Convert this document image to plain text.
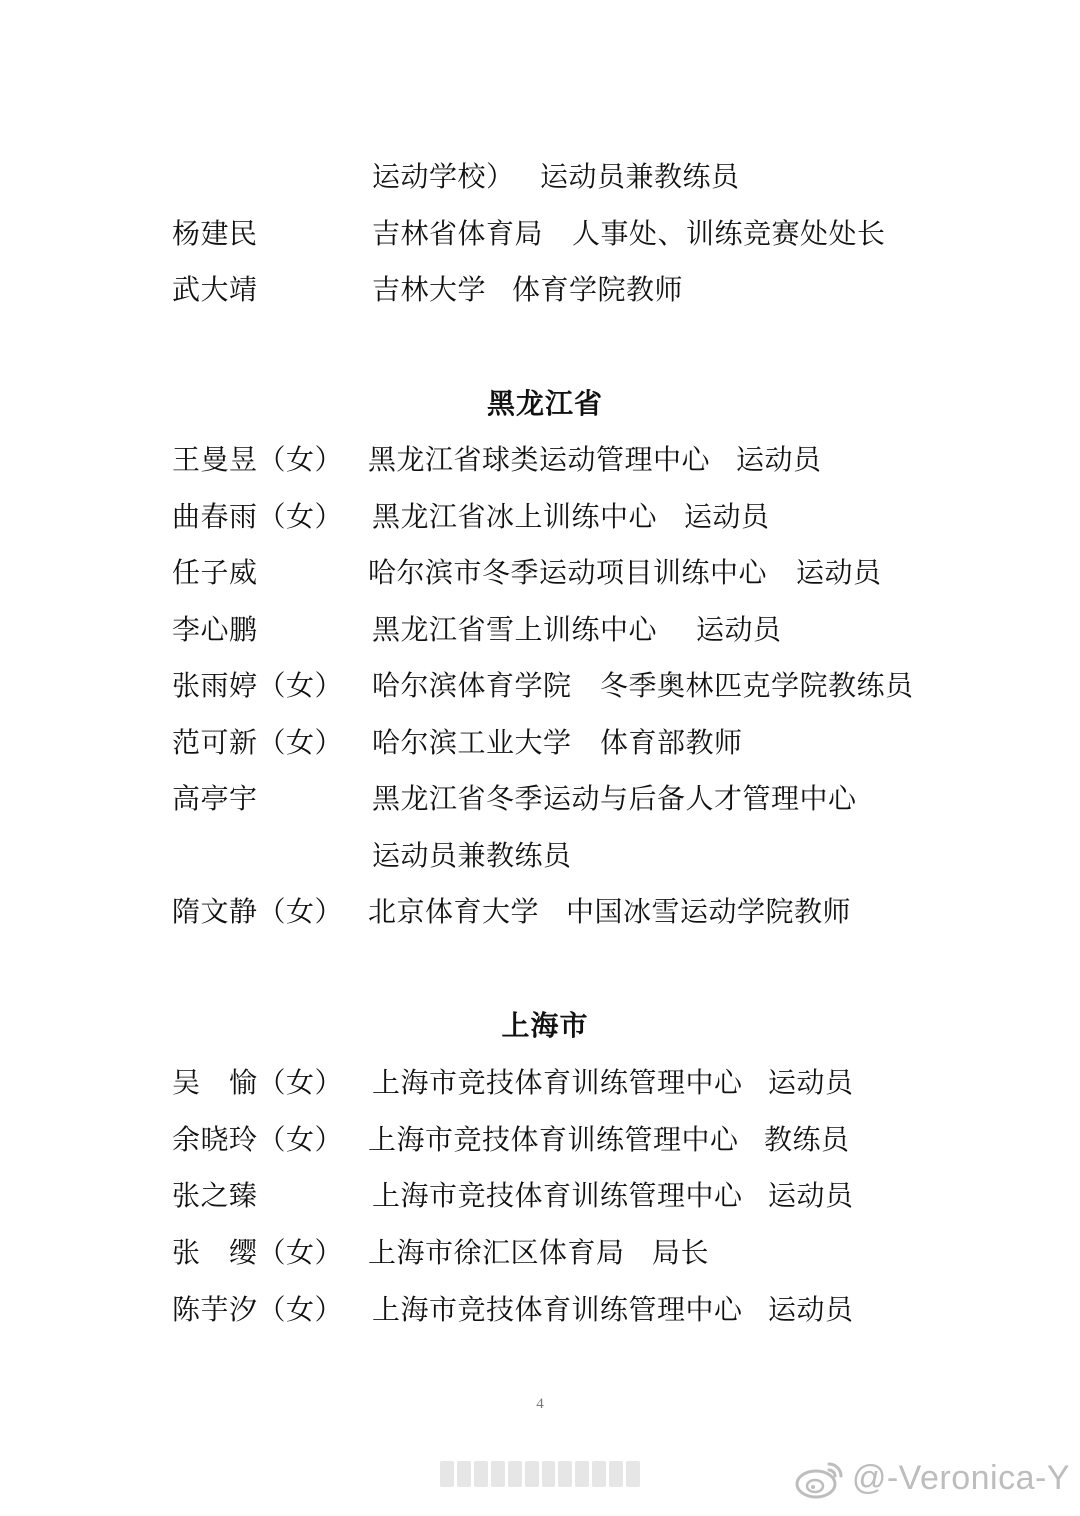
运动学校） 运动员兼教练员
杨建民	吉林省体育局 人事处、训练竞赛处处长
武大靖	吉林大学 体育学院教师
黑龙江省
王曼昱（女） 黑龙江省球类运动管理中心 运动员
曲春雨（女） 黑龙江省冰上训练中心 运动员
任子威	哈尔滨市冬季运动项目训练中心 运动员
李心鹏	黑龙江省雪上训练中心 运动员
张雨婷（女） 哈尔滨体育学院 冬季奥林匹克学院教练员
范可新（女） 哈尔滨工业大学 体育部教师
高亭宇	黑龙江省冬季运动与后备人才管理中心
运动员兼教练员
隋文静（女） 北京体育大学 中国冰雪运动学院教师
上海市
吴　愉（女） 上海市竞技体育训练管理中心 运动员
余晓玲（女） 上海市竞技体育训练管理中心 教练员
张之臻	上海市竞技体育训练管理中心 运动员
张　缨（女） 上海市徐汇区体育局 局长
陈芋汐（女） 上海市竞技体育训练管理中心 运动员
4
@-Veronica-Y
